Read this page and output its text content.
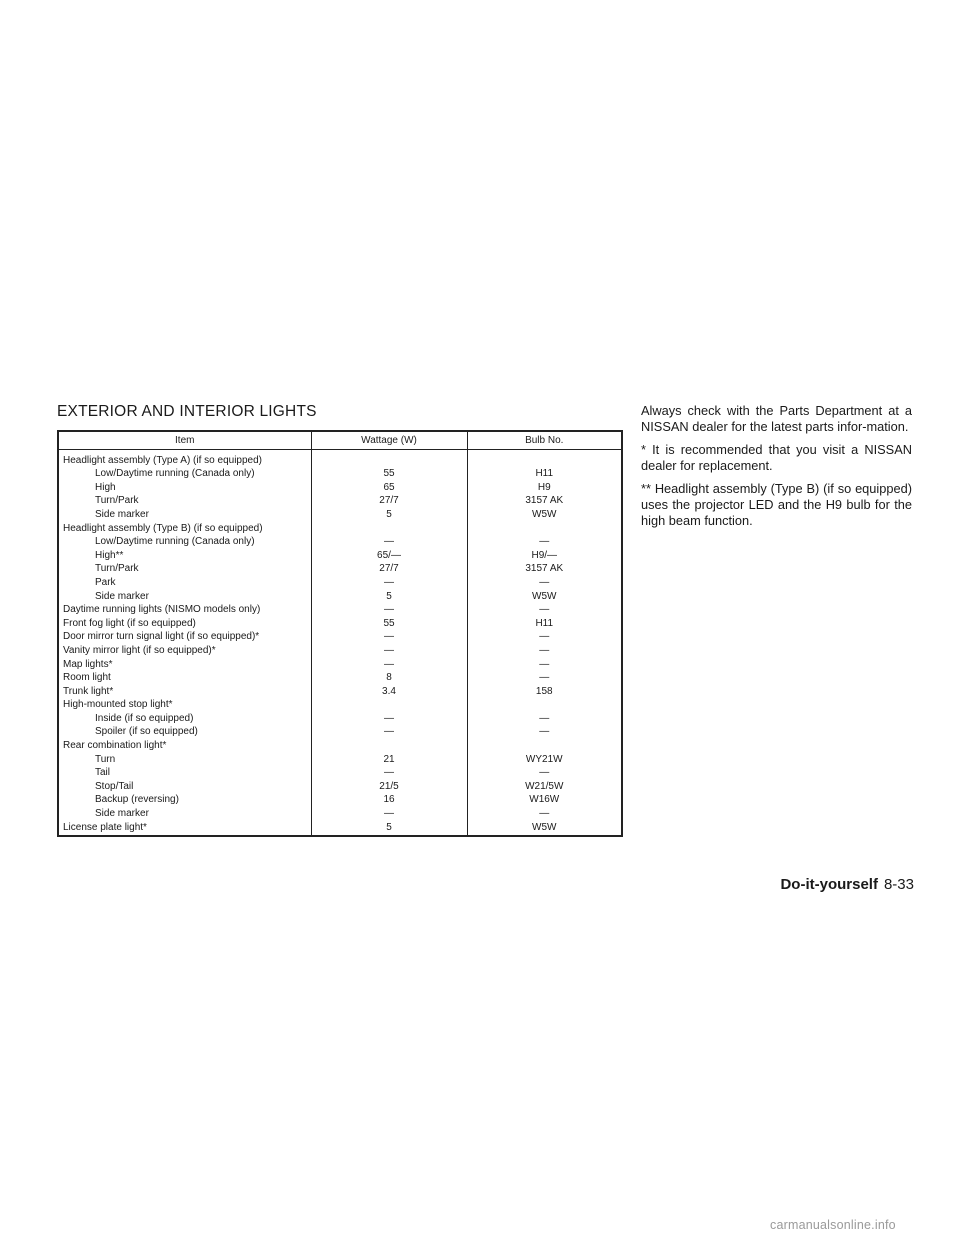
EXTERIOR AND INTERIOR LIGHTS
Item	Wattage (W)	Bulb No.
Headlight assembly (Type A) (if so equipped)		
Low/Daytime running (Canada only)	55	H11
High	65	H9
Turn/Park	27/7	3157 AK
Side marker	5	W5W
Headlight assembly (Type B) (if so equipped)		
Low/Daytime running (Canada only)	—	—
High**	65/—	H9/—
Turn/Park	27/7	3157 AK
Park	—	—
Side marker	5	W5W
Daytime running lights (NISMO models only)	—	—
Front fog light (if so equipped)	55	H11
Door mirror turn signal light (if so equipped)*	—	—
Vanity mirror light (if so equipped)*	—	—
Map lights*	—	—
Room light	8	—
Trunk light*	3.4	158
High-mounted stop light*		
Inside (if so equipped)	—	—
Spoiler (if so equipped)	—	—
Rear combination light*		
Turn	21	WY21W
Tail	—	—
Stop/Tail	21/5	W21/5W
Backup (reversing)	16	W16W
Side marker	—	—
License plate light*	5	W5W

Always check with the Parts Department at a NISSAN dealer for the latest parts infor-mation.

* It is recommended that you visit a NISSAN dealer for replacement.

** Headlight assembly (Type B) (if so equipped) uses the projector LED and the H9 bulb for the high beam function.

Do-it-yourself 8-33
carmanualsonline.info
